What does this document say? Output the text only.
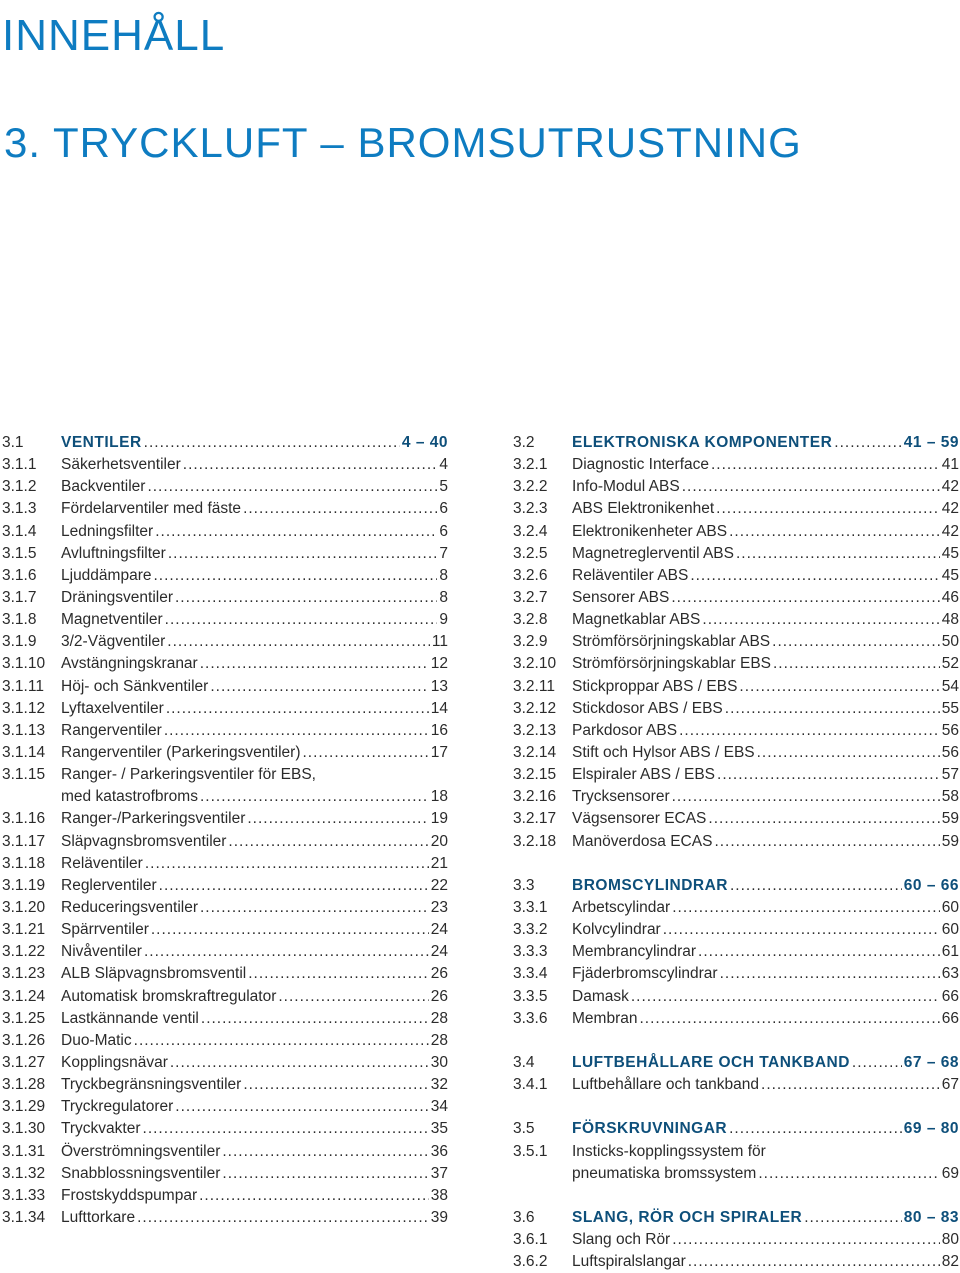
INNEHÅLL
3. TRYCKLUFT – BROMSUTRUSTNING
3.1	VENTILER .....	4 – 40
3.1.1	Säkerhetsventiler .....	4
3.1.2	Backventiler .....	5
3.1.3	Fördelarventiler med fäste .....	6
3.1.4	Ledningsfilter .....	6
3.1.5	Avluftningsfilter .....	7
3.1.6	Ljuddämpare .....	8
3.1.7	Dräningsventiler .....	8
3.1.8	Magnetventiler .....	9
3.1.9	3/2-Vägventiler .....	11
3.1.10	Avstängningskranar .....	12
3.1.11	Höj- och Sänkventiler .....	13
3.1.12	Lyftaxelventiler .....	14
3.1.13	Rangerventiler .....	16
3.1.14	Rangerventiler (Parkeringsventiler) .....	17
3.1.15	Ranger- / Parkeringsventiler för EBS,
med katastrofbroms .....	18
3.1.16	Ranger-/Parkeringsventiler .....	19
3.1.17	Släpvagnsbromsventiler .....	20
3.1.18	Reläventiler .....	21
3.1.19	Reglerventiler .....	22
3.1.20	Reduceringsventiler .....	23
3.1.21	Spärrventiler .....	24
3.1.22	Nivåventiler .....	24
3.1.23	ALB Släpvagnsbromsventil .....	26
3.1.24	Automatisk bromskraftregulator .....	26
3.1.25	Lastkännande ventil .....	28
3.1.26	Duo-Matic .....	28
3.1.27	Kopplingsnävar .....	30
3.1.28	Tryckbegränsningsventiler .....	32
3.1.29	Tryckregulatorer .....	34
3.1.30	Tryckvakter .....	35
3.1.31	Överströmningsventiler .....	36
3.1.32	Snabblossningsventiler .....	37
3.1.33	Frostskyddspumpar .....	38
3.1.34	Lufttorkare .....	39
3.2	ELEKTRONISKA KOMPONENTER .....	41 – 59
3.2.1	Diagnostic Interface .....	41
3.2.2	Info-Modul ABS .....	42
3.2.3	ABS Elektronikenhet .....	42
3.2.4	Elektronikenheter ABS .....	42
3.2.5	Magnetreglerventil ABS .....	45
3.2.6	Reläventiler ABS .....	45
3.2.7	Sensorer ABS .....	46
3.2.8	Magnetkablar ABS .....	48
3.2.9	Strömförsörjningskablar ABS .....	50
3.2.10	Strömförsörjningskablar EBS .....	52
3.2.11	Stickproppar ABS / EBS .....	54
3.2.12	Stickdosor ABS / EBS .....	55
3.2.13	Parkdosor ABS .....	56
3.2.14	Stift och Hylsor ABS / EBS .....	56
3.2.15	Elspiraler ABS / EBS .....	57
3.2.16	Trycksensorer .....	58
3.2.17	Vägsensorer ECAS .....	59
3.2.18	Manöverdosa ECAS .....	59
3.3	BROMSCYLINDRAR .....	60 – 66
3.3.1	Arbetscylindar .....	60
3.3.2	Kolvcylindrar .....	60
3.3.3	Membrancylindrar .....	61
3.3.4	Fjäderbromscylindrar .....	63
3.3.5	Damask .....	66
3.3.6	Membran .....	66
3.4	LUFTBEHÅLLARE OCH TANKBAND .....	67 – 68
3.4.1	Luftbehållare och tankband .....	67
3.5	FÖRSKRUVNINGAR .....	69 – 80
3.5.1	Insticks-kopplingssystem för
pneumatiska bromssystem .....	69
3.6	SLANG, RÖR OCH SPIRALER .....	80 – 83
3.6.1	Slang och Rör .....	80
3.6.2	Luftspiralslangar .....	82
